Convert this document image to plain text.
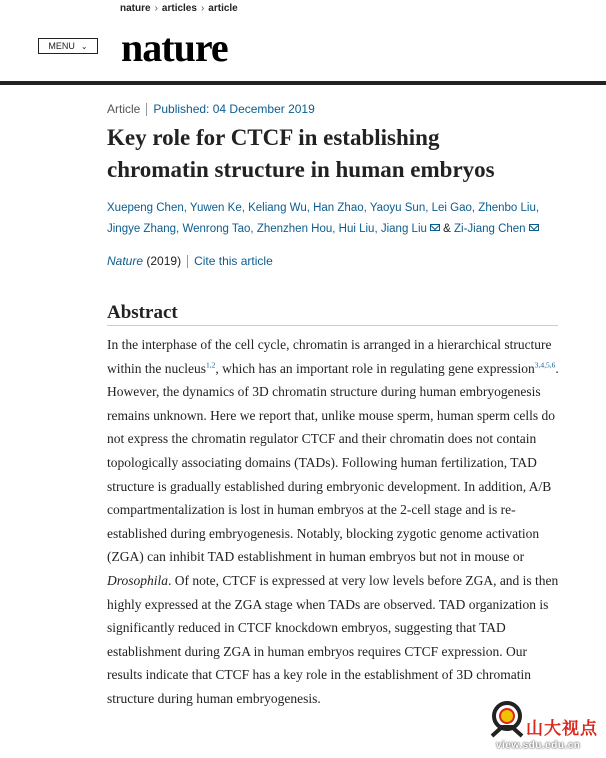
nature › articles › article
MENU ⌄ nature
Article Published: 04 December 2019
Key role for CTCF in establishing
chromatin structure in human embryos
Xuepeng Chen, Yuwen Ke, Keliang Wu, Han Zhao, Yaoyu Sun, Lei Gao, Zhenbo Liu, Jingye Zhang, Wenrong Tao, Zhenzhen Hou, Hui Liu, Jiang Liu & Zi-Jiang Chen
Nature
(2019) Cite this article
Abstract

In the interphase of the cell cycle, chromatin is arranged in a hierarchical structure within the nucleus$^{1,2}$, which has an important role in regulating gene expression$^{3,4,5,6}$. However, the dynamics of 3D chromatin structure during human embryogenesis remains unknown. Here we report that, unlike mouse sperm, human sperm cells do not express the chromatin regulator CTCF and their chromatin does not contain topologically associating domains (TADs). Following human fertilization, TAD structure is gradually established during embryonic development. In addition, A/B compartmentalization is lost in human embryos at the 2-cell stage and is re-established during embryogenesis. Notably, blocking zygotic genome activation (ZGA) can inhibit TAD establishment in human embryos but not in mouse or Drosophila. Of note, CTCF is expressed at very low levels before ZGA, and is then highly expressed at the ZGA stage when TADs are observed. TAD organization is significantly reduced in CTCF knockdown embryos, suggesting that TAD establishment during ZGA in human embryos requires CTCF expression. Our results indicate that CTCF has a key role in the establishment of 3D chromatin structure during human embryogenesis.

山大视点
view.sdu.edu.cn
